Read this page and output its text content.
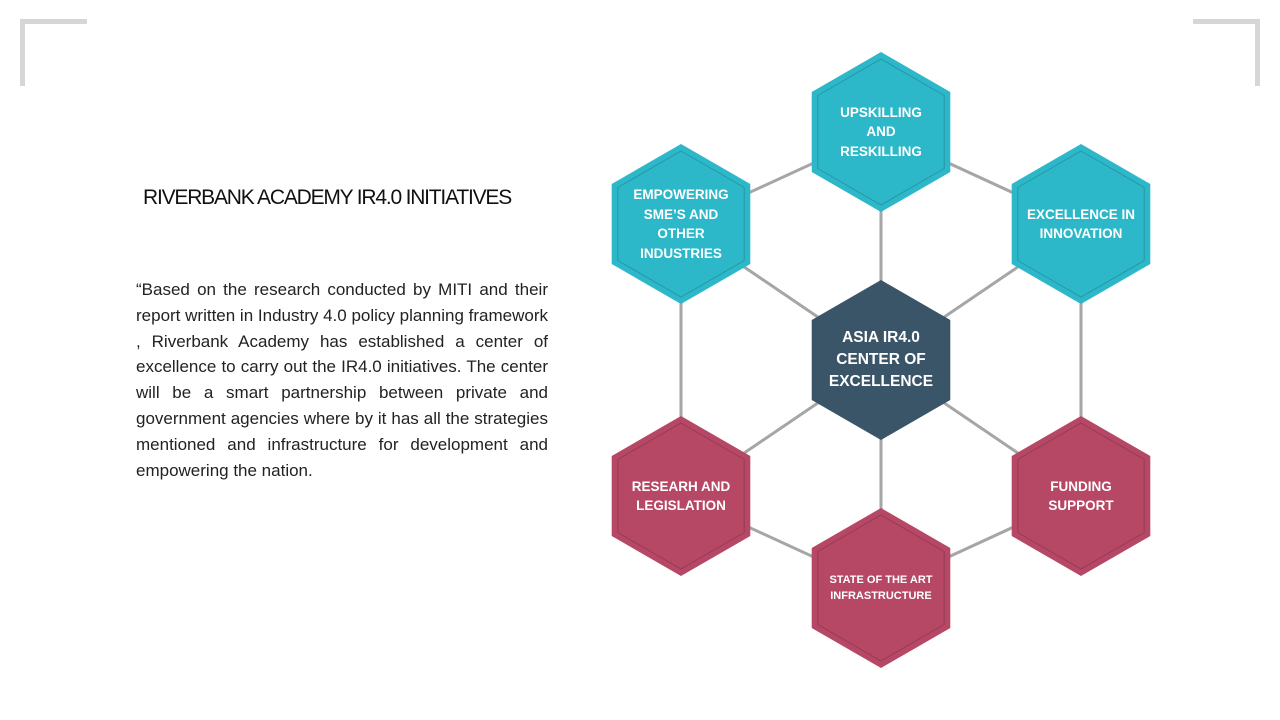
RIVERBANK ACADEMY IR4.0 INITIATIVES
“Based on the research conducted by MITI and their report written in Industry 4.0 policy planning framework , Riverbank Academy has established a center of excellence to carry out the IR4.0 initiatives. The center will be a smart partnership between private and government agencies where by it has all the strategies mentioned and infrastructure for development and empowering the nation.
UPSKILLING
AND
RESKILLING
EXCELLENCE IN
INNOVATION
FUNDING
SUPPORT
STATE OF THE ART
INFRASTRUCTURE
RESEARH AND
LEGISLATION
EMPOWERING
SME’S AND
OTHER
INDUSTRIES
ASIA IR4.0
CENTER OF
EXCELLENCE
